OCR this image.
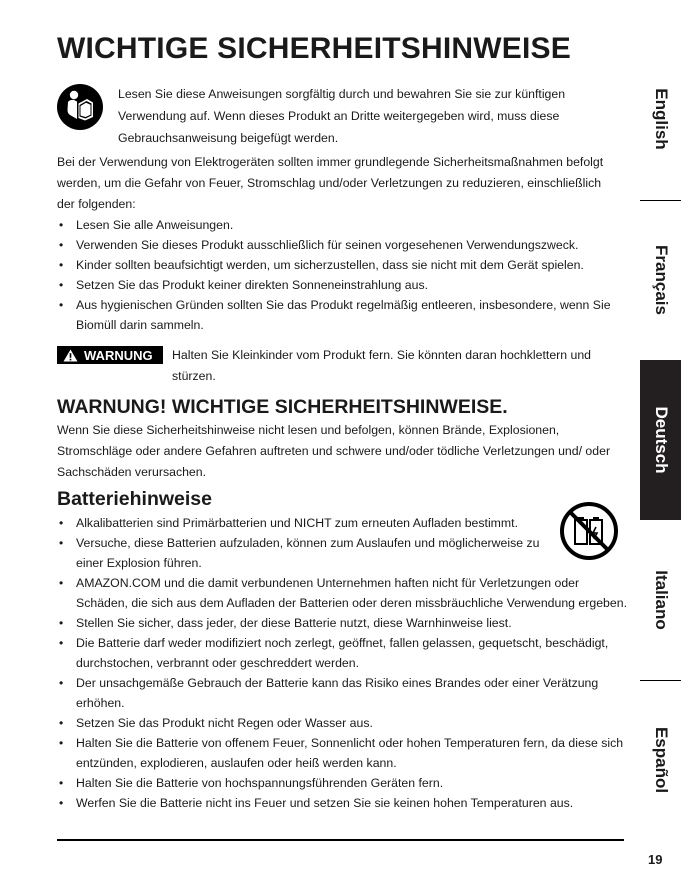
WICHTIGE SICHERHEITSHINWEISE

Lesen Sie diese Anweisungen sorgfältig durch und bewahren Sie sie zur künftigen Verwendung auf. Wenn dieses Produkt an Dritte weitergegeben wird, muss diese Gebrauchsanweisung beigefügt werden.

Bei der Verwendung von Elektrogeräten sollten immer grundlegende Sicherheitsmaßnahmen befolgt werden, um die Gefahr von Feuer, Stromschlag und/oder Verletzungen zu reduzieren, einschließlich der folgenden:

• Lesen Sie alle Anweisungen.
• Verwenden Sie dieses Produkt ausschließlich für seinen vorgesehenen Verwendungszweck.
• Kinder sollten beaufsichtigt werden, um sicherzustellen, dass sie nicht mit dem Gerät spielen.
• Setzen Sie das Produkt keiner direkten Sonneneinstrahlung aus.
• Aus hygienischen Gründen sollten Sie das Produkt regelmäßig entleeren, insbesondere, wenn Sie Biomüll darin sammeln.
WARNUNG Halten Sie Kleinkinder vom Produkt fern. Sie könnten daran hochklettern und stürzen.

WARNUNG! WICHTIGE SICHERHEITSHINWEISE.

Wenn Sie diese Sicherheitshinweise nicht lesen und befolgen, können Brände, Explosionen, Stromschläge oder andere Gefahren auftreten und schwere und/oder tödliche Verletzungen und/ oder Sachschäden verursachen.

Batteriehinweise
• Alkalibatterien sind Primärbatterien und NICHT zum erneuten Aufladen bestimmt.
• Versuche, diese Batterien aufzuladen, können zum Auslaufen und möglicherweise zu einer Explosion führen.
• AMAZON.COM und die damit verbundenen Unternehmen haften nicht für Verletzungen oder Schäden, die sich aus dem Aufladen der Batterien oder deren missbräuchliche Verwendung ergeben.
• Stellen Sie sicher, dass jeder, der diese Batterie nutzt, diese Warnhinweise liest.
• Die Batterie darf weder modifiziert noch zerlegt, geöffnet, fallen gelassen, gequetscht, beschädigt, durchstochen, verbrannt oder geschreddert werden.
• Der unsachgemäße Gebrauch der Batterie kann das Risiko eines Brandes oder einer Verätzung erhöhen.
• Setzen Sie das Produkt nicht Regen oder Wasser aus.
• Halten Sie die Batterie von offenem Feuer, Sonnenlicht oder hohen Temperaturen fern, da diese sich entzünden, explodieren, auslaufen oder heiß werden kann.
• Halten Sie die Batterie von hochspannungsführenden Geräten fern.
• Werfen Sie die Batterie nicht ins Feuer und setzen Sie sie keinen hohen Temperaturen aus.
19
English
Français
Deutsch
Italiano
Español
